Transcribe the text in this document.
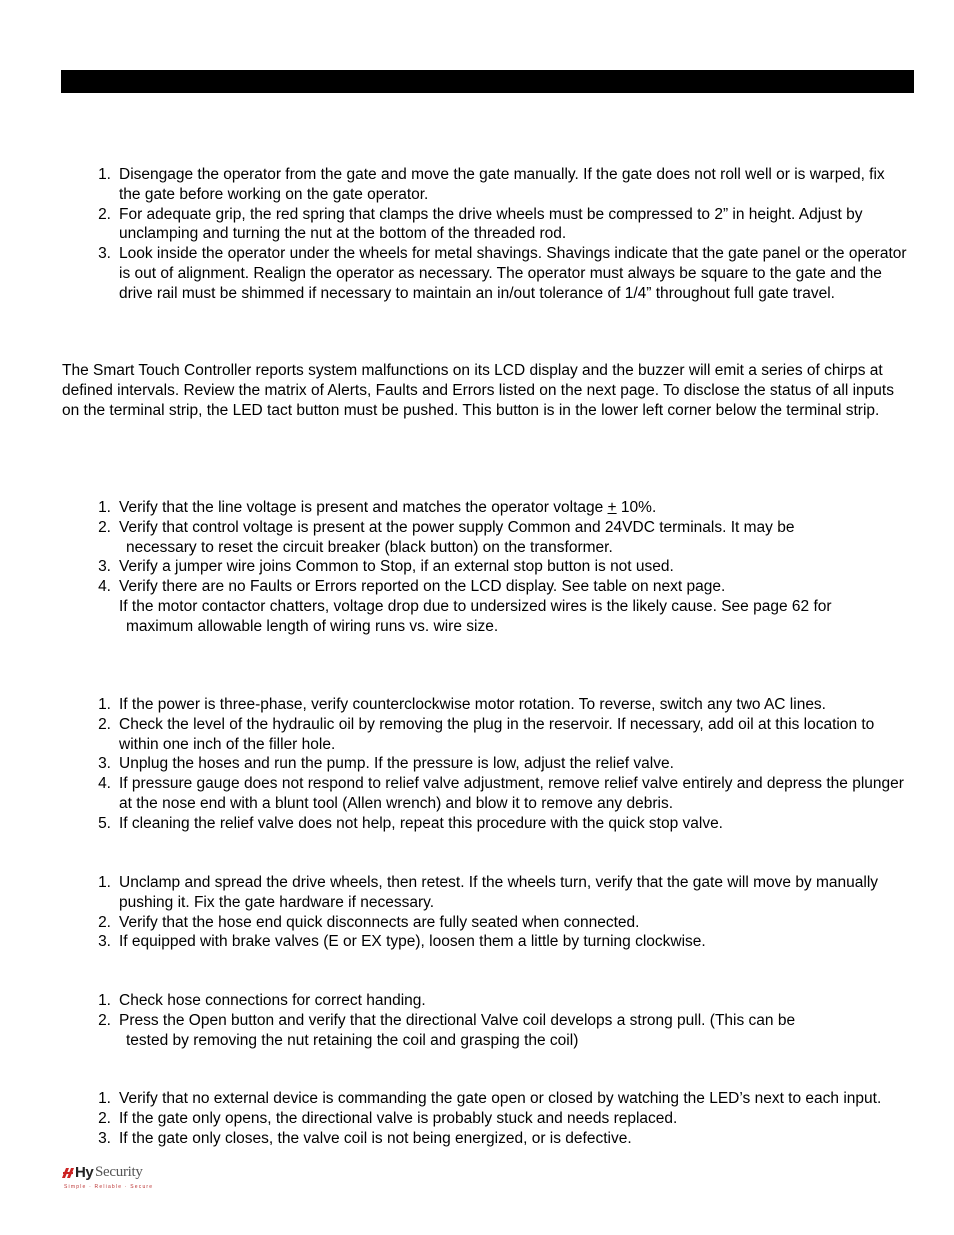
1. Disengage the operator from the gate and move the gate manually. If the gate does not roll well or is warped, fix the gate before working on the gate operator.
2. For adequate grip, the red spring that clamps the drive wheels must be compressed to 2” in height. Adjust by unclamping and turning the nut at the bottom of the threaded rod.
3. Look inside the operator under the wheels for metal shavings. Shavings indicate that the gate panel or the operator is out of alignment. Realign the operator as necessary. The operator must always be square to the gate and the drive rail must be shimmed if necessary to maintain an in/out tolerance of 1/4” throughout full gate travel.

The Smart Touch Controller reports system malfunctions on its LCD display and the buzzer will emit a series of chirps at defined intervals. Review the matrix of Alerts, Faults and Errors listed on the next page. To disclose the status of all inputs on the terminal strip, the LED tact button must be pushed. This button is in the lower left corner below the terminal strip.

1. Verify that the line voltage is present and matches the operator voltage + 10%.
2. Verify that control voltage is present at the power supply Common and 24VDC terminals. It may be
necessary to reset the circuit breaker (black button) on the transformer.
3. Verify a jumper wire joins Common to Stop, if an external stop button is not used.
4. Verify there are no Faults or Errors reported on the LCD display. See table on next page.
If the motor contactor chatters, voltage drop due to undersized wires is the likely cause. See page 62 for
maximum allowable length of wiring runs vs. wire size.
1. If the power is three-phase, verify counterclockwise motor rotation. To reverse, switch any two AC lines.
2. Check the level of the hydraulic oil by removing the plug in the reservoir. If necessary, add oil at this location to within one inch of the filler hole.
3. Unplug the hoses and run the pump. If the pressure is low, adjust the relief valve.
4. If pressure gauge does not respond to relief valve adjustment, remove relief valve entirely and depress the plunger at the nose end with a blunt tool (Allen wrench) and blow it to remove any debris.
5. If cleaning the relief valve does not help, repeat this procedure with the quick stop valve.
1. Unclamp and spread the drive wheels, then retest. If the wheels turn, verify that the gate will move by manually pushing it. Fix the gate hardware if necessary.
2. Verify that the hose end quick disconnects are fully seated when connected.
3. If equipped with brake valves (E or EX type), loosen them a little by turning clockwise.
1. Check hose connections for correct handing.
2. Press the Open button and verify that the directional Valve coil develops a strong pull. (This can be
tested by removing the nut retaining the coil and grasping the coil)
1. Verify that no external device is commanding the gate open or closed by watching the LED’s next to each input.
2. If the gate only opens, the directional valve is probably stuck and needs replaced.
3. If the gate only closes, the valve coil is not being energized, or is defective.
Hy Security
Simple · Reliable · Secure
